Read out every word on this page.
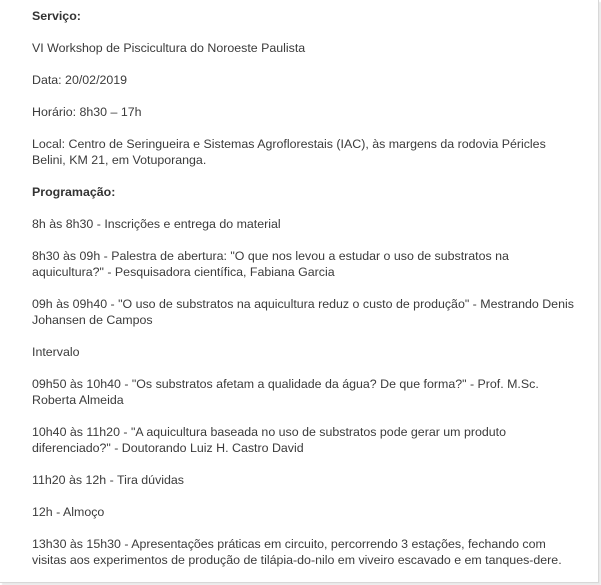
Serviço:

VI Workshop de Piscicultura do Noroeste Paulista

Data: 20/02/2019

Horário: 8h30 – 17h

Local: Centro de Seringueira e Sistemas Agroflorestais (IAC), às margens da rodovia Péricles Belini, KM 21, em Votuporanga.

Programação:

8h às 8h30 - Inscrições e entrega do material

8h30 às 09h - Palestra de abertura: "O que nos levou a estudar o uso de substratos na aquicultura?" - Pesquisadora científica, Fabiana Garcia

09h às 09h40 - "O uso de substratos na aquicultura reduz o custo de produção" - Mestrando Denis Johansen de Campos

Intervalo

09h50 às 10h40 - "Os substratos afetam a qualidade da água? De que forma?" - Prof. M.Sc. Roberta Almeida

10h40 às 11h20 - "A aquicultura baseada no uso de substratos pode gerar um produto diferenciado?" - Doutorando Luiz H. Castro David

11h20 às 12h - Tira dúvidas

12h - Almoço

13h30 às 15h30 - Apresentações práticas em circuito, percorrendo 3 estações, fechando com visitas aos experimentos de produção de tilápia-do-nilo em viveiro escavado e em tanques-dere.
